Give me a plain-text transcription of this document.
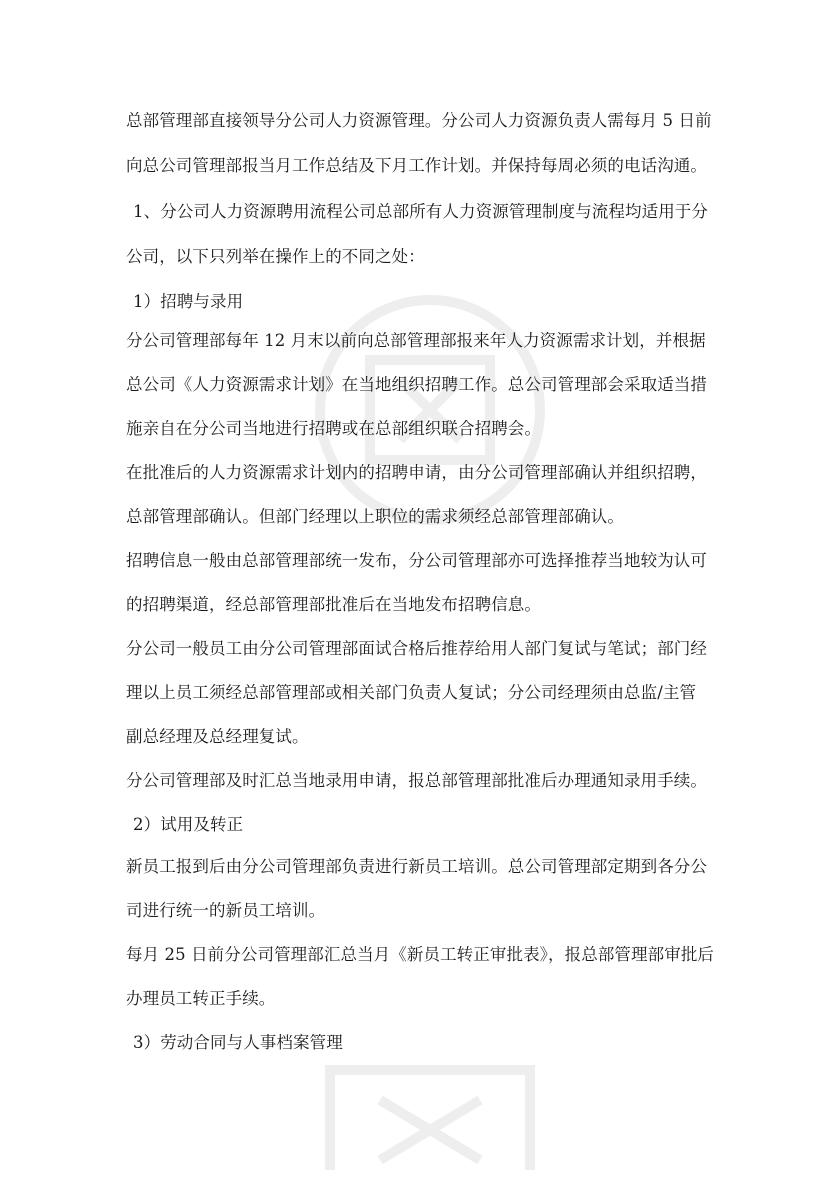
总部管理部直接领导分公司人力资源管理。分公司人力资源负责人需每月 5 日前
向总公司管理部报当月工作总结及下月工作计划。并保持每周必须的电话沟通。
1、分公司人力资源聘用流程公司总部所有人力资源管理制度与流程均适用于分
公司，以下只列举在操作上的不同之处：
1）招聘与录用
分公司管理部每年 12 月末以前向总部管理部报来年人力资源需求计划，并根据
总公司《人力资源需求计划》在当地组织招聘工作。总公司管理部会采取适当措
施亲自在分公司当地进行招聘或在总部组织联合招聘会。
在批准后的人力资源需求计划内的招聘申请，由分公司管理部确认并组织招聘，
总部管理部确认。但部门经理以上职位的需求须经总部管理部确认。
招聘信息一般由总部管理部统一发布，分公司管理部亦可选择推荐当地较为认可
的招聘渠道，经总部管理部批准后在当地发布招聘信息。
分公司一般员工由分公司管理部面试合格后推荐给用人部门复试与笔试；部门经
理以上员工须经总部管理部或相关部门负责人复试；分公司经理须由总监/主管
副总经理及总经理复试。
分公司管理部及时汇总当地录用申请，报总部管理部批准后办理通知录用手续。
2）试用及转正
新员工报到后由分公司管理部负责进行新员工培训。总公司管理部定期到各分公
司进行统一的新员工培训。
每月 25 日前分公司管理部汇总当月《新员工转正审批表》，报总部管理部审批后
办理员工转正手续。
3）劳动合同与人事档案管理
